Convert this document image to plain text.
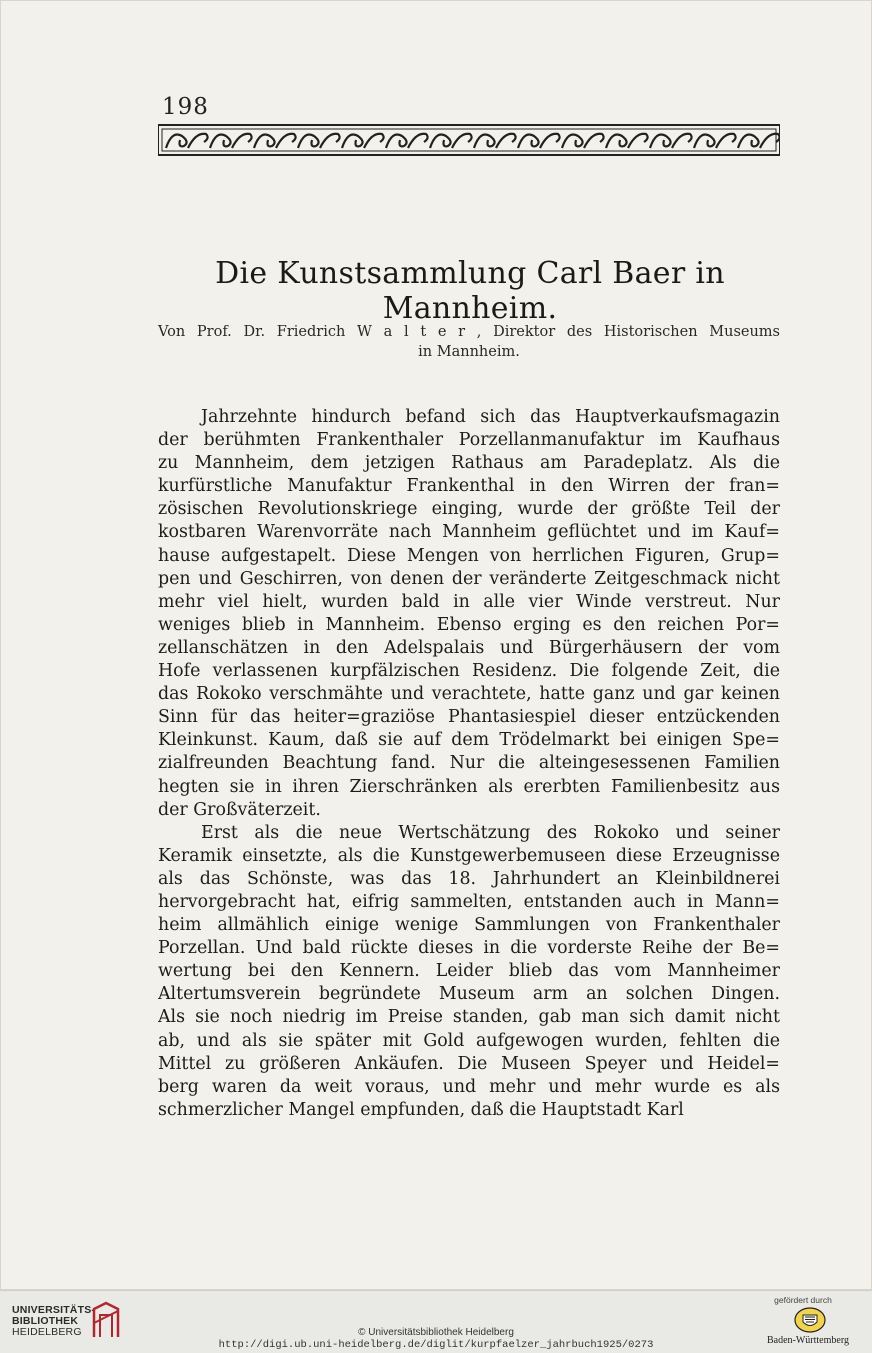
198
Die Kunstsammlung Carl Baer in Mannheim.
Von Prof. Dr. Friedrich W a l t e r , Direktor des Historischen Museums
in Mannheim.
Jahrzehnte hindurch befand sich das Hauptverkaufsmagazin
der berühmten Frankenthaler Porzellanmanufaktur im Kaufhaus
zu Mannheim, dem jetzigen Rathaus am Paradeplatz. Als die
kurfürstliche Manufaktur Frankenthal in den Wirren der fran=
zösischen Revolutionskriege einging, wurde der größte Teil der
kostbaren Warenvorräte nach Mannheim geflüchtet und im Kauf=
hause aufgestapelt. Diese Mengen von herrlichen Figuren, Grup=
pen und Geschirren, von denen der veränderte Zeitgeschmack nicht
mehr viel hielt, wurden bald in alle vier Winde verstreut. Nur
weniges blieb in Mannheim. Ebenso erging es den reichen Por=
zellanschätzen in den Adelspalais und Bürgerhäusern der vom
Hofe verlassenen kurpfälzischen Residenz. Die folgende Zeit, die
das Rokoko verschmähte und verachtete, hatte ganz und gar keinen
Sinn für das heiter=graziöse Phantasiespiel dieser entzückenden
Kleinkunst. Kaum, daß sie auf dem Trödelmarkt bei einigen Spe=
zialfreunden Beachtung fand. Nur die alteingesessenen Familien
hegten sie in ihren Zierschränken als ererbten Familienbesitz aus
der Großväterzeit.
Erst als die neue Wertschätzung des Rokoko und seiner
Keramik einsetzte, als die Kunstgewerbemuseen diese Erzeugnisse
als das Schönste, was das 18. Jahrhundert an Kleinbildnerei
hervorgebracht hat, eifrig sammelten, entstanden auch in Mann=
heim allmählich einige wenige Sammlungen von Frankenthaler
Porzellan. Und bald rückte dieses in die vorderste Reihe der Be=
wertung bei den Kennern. Leider blieb das vom Mannheimer
Altertumsverein begründete Museum arm an solchen Dingen.
Als sie noch niedrig im Preise standen, gab man sich damit nicht
ab, und als sie später mit Gold aufgewogen wurden, fehlten die
Mittel zu größeren Ankäufen. Die Museen Speyer und Heidel=
berg waren da weit voraus, und mehr und mehr wurde es als
schmerzlicher Mangel empfunden, daß die Hauptstadt Karl
UNIVERSITÄTS-
BIBLIOTHEK
HEIDELBERG	© Universitätsbibliothek Heidelberg
http://digi.ub.uni-heidelberg.de/diglit/kurpfaelzer_jahrbuch1925/0273
gefördert durch
Baden-Württemberg
